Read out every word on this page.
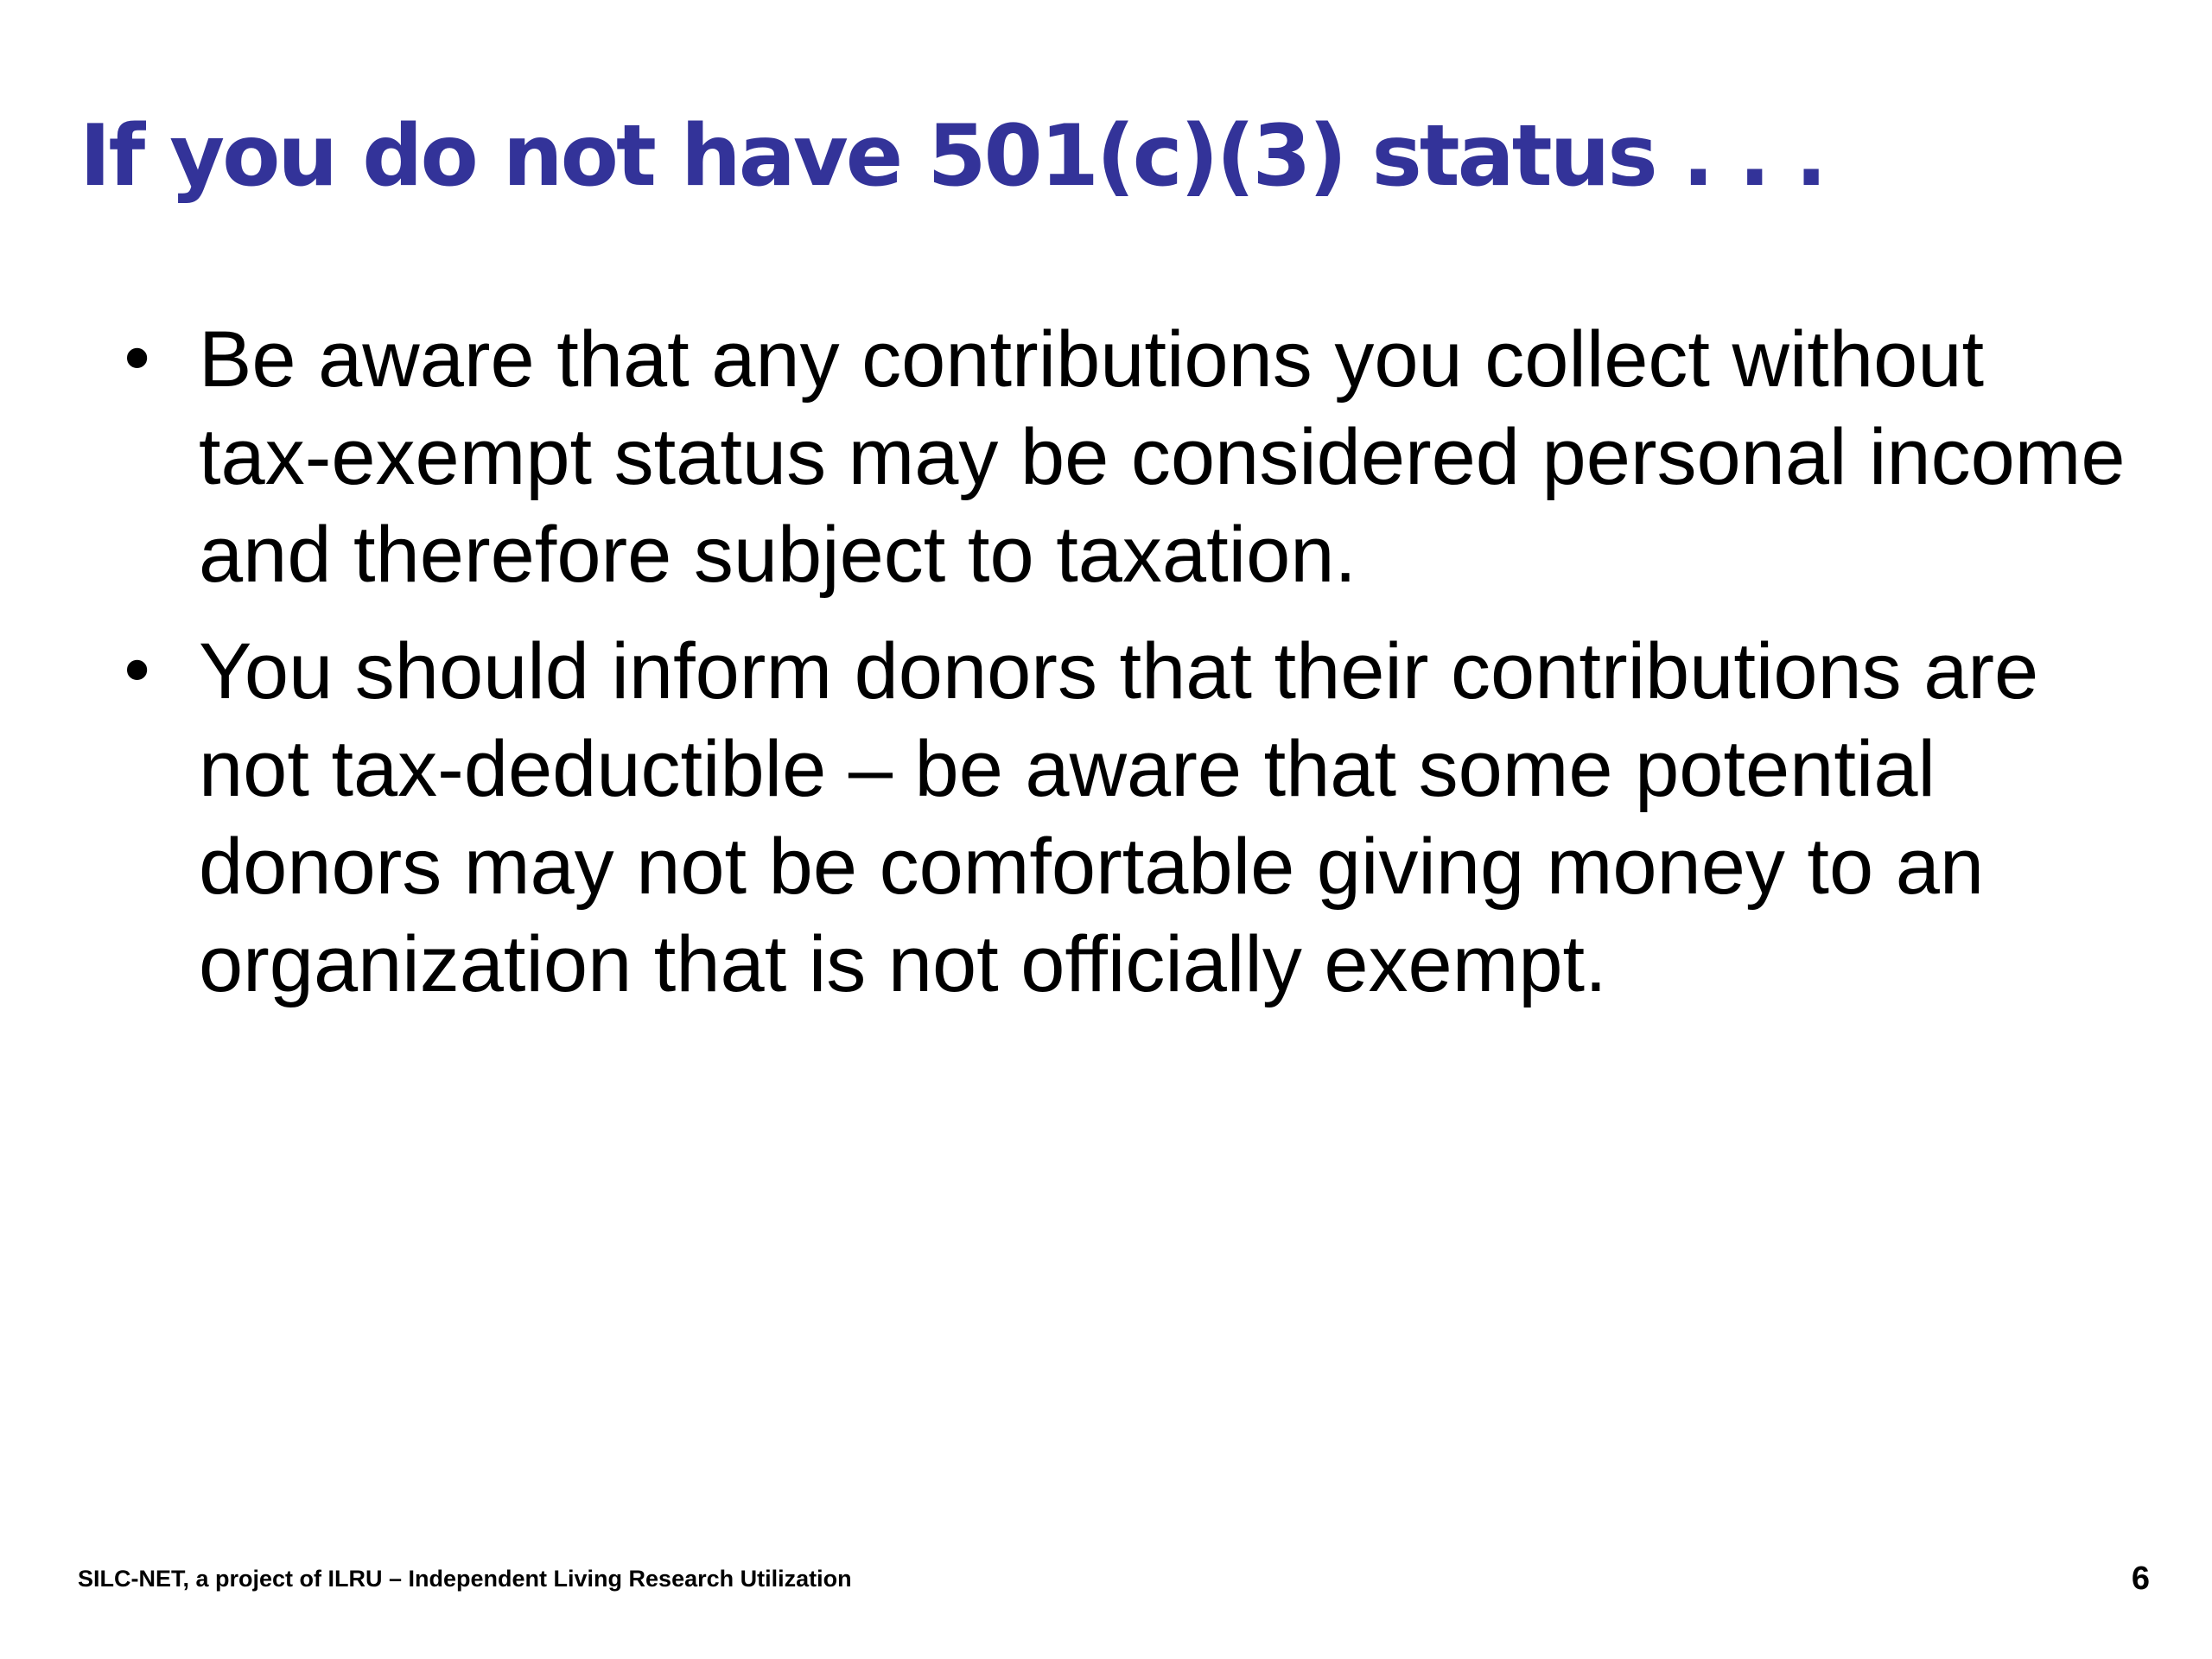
If you do not have 501(c)(3) status . . .
• Be aware that any contributions you collect without tax-exempt status may be considered personal income and therefore subject to taxation.
• You should inform donors that their contributions are not tax-deductible – be aware that some potential donors may not be comfortable giving money to an organization that is not officially exempt.
SILC-NET, a project of ILRU – Independent Living Research Utilization	6
